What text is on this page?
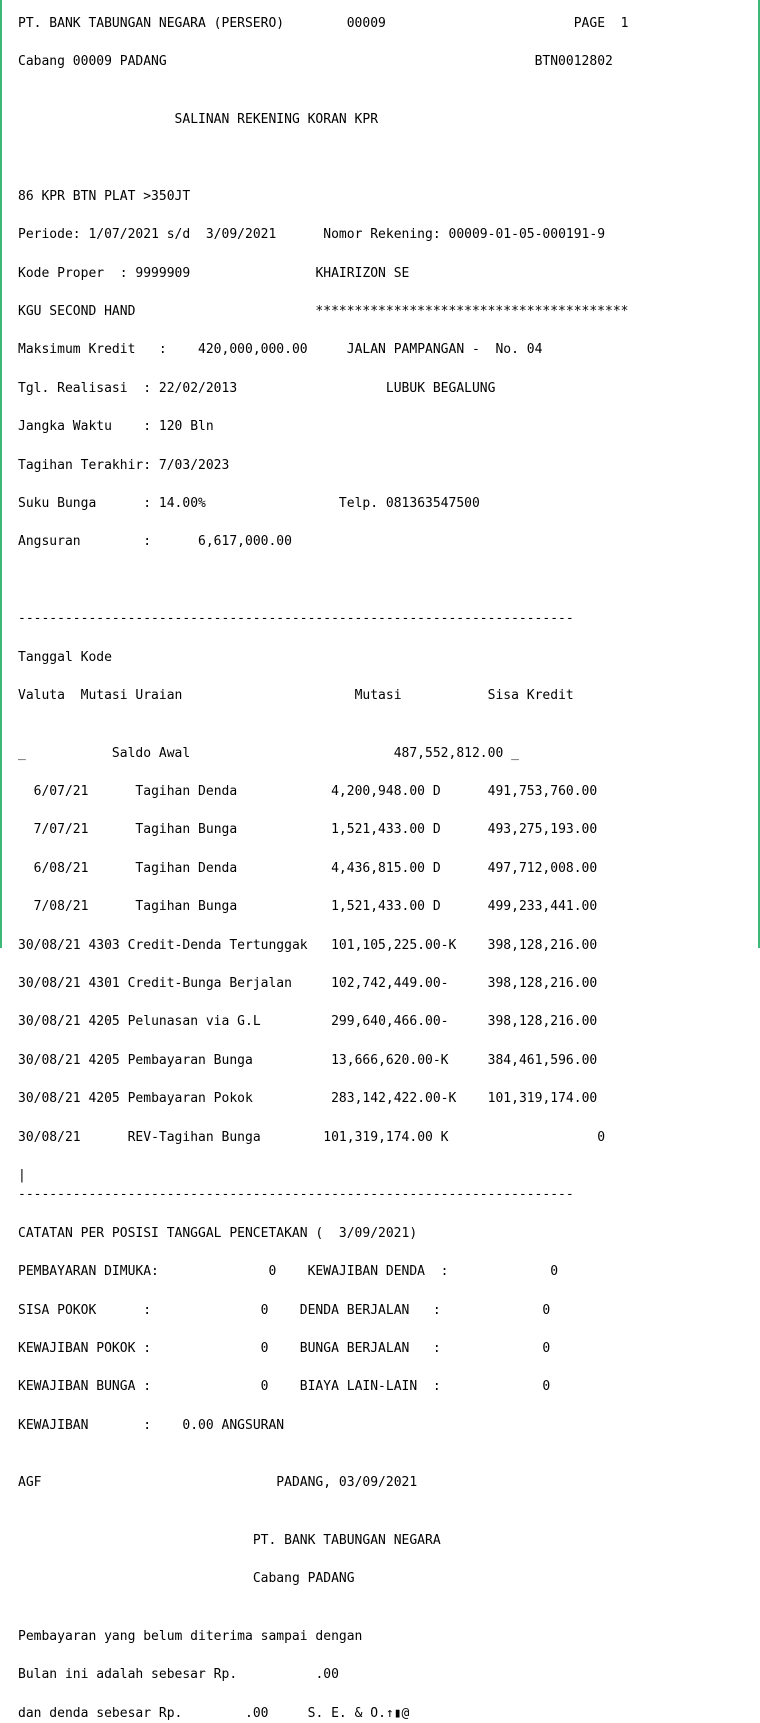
PT. BANK TABUNGAN NEGARA (PERSERO)	00009	PAGE  1

Cabang 00009 PADANG	BTN0012802

SALINAN REKENING KORAN KPR

86 KPR BTN PLAT >350JT

Periode: 1/07/2021 s/d  3/09/2021	Nomor Rekening: 00009-01-05-000191-9

Kode Proper  : 9999909	KHAIRIZON SE

KGU SECOND HAND	****************************************

Maksimum Kredit   : 420,000,000.00	JALAN PAMPANGAN -  No. 04

Tgl. Realisasi  : 22/02/2013	LUBUK BEGALUNG

Jangka Waktu    : 120 Bln

Tagihan Terakhir: 7/03/2023

Suku Bunga      : 14.00%	Telp. 081363547500

Angsuran        :	6,617,000.00

-----------------------------------------------------------------------

Tanggal Kode

Valuta  Mutasi Uraian	Mutasi	Sisa Kredit

_           Saldo Awal	487,552,812.00 _

6/07/21	Tagihan Denda	4,200,948.00 D	491,753,760.00

7/07/21	Tagihan Bunga	1,521,433.00 D	493,275,193.00

6/08/21	Tagihan Denda	4,436,815.00 D	497,712,008.00

7/08/21	Tagihan Bunga	1,521,433.00 D	499,233,441.00

30/08/21 4303 Credit-Denda Tertunggak 101,105,225.00-K 398,128,216.00

30/08/21 4301 Credit-Bunga Berjalan	102,742,449.00-	398,128,216.00

30/08/21 4205 Pelunasan via G.L	299,640,466.00-	398,128,216.00

30/08/21 4205 Pembayaran Bunga	13,666,620.00-K	384,461,596.00

30/08/21 4205 Pembayaran Pokok	283,142,422.00-K 101,319,174.00

30/08/21	REV-Tagihan Bunga	101,319,174.00 K	0

|
-----------------------------------------------------------------------

CATATAN PER POSISI TANGGAL PENCETAKAN (  3/09/2021)

PEMBAYARAN DIMUKA:	0 KEWAJIBAN DENDA  :	0

SISA POKOK      :	0 DENDA BERJALAN   :	0

KEWAJIBAN POKOK :	0 BUNGA BERJALAN   :	0

KEWAJIBAN BUNGA :	0 BIAYA LAIN-LAIN  :	0

KEWAJIBAN       : 0.00 ANGSURAN

AGF	PADANG, 03/09/2021

PT. BANK TABUNGAN NEGARA

Cabang PADANG

Pembayaran yang belum diterima sampai dengan

Bulan ini adalah sebesar Rp.	.00

dan denda sebesar Rp.	.00	S. E. & O.↑▮@
